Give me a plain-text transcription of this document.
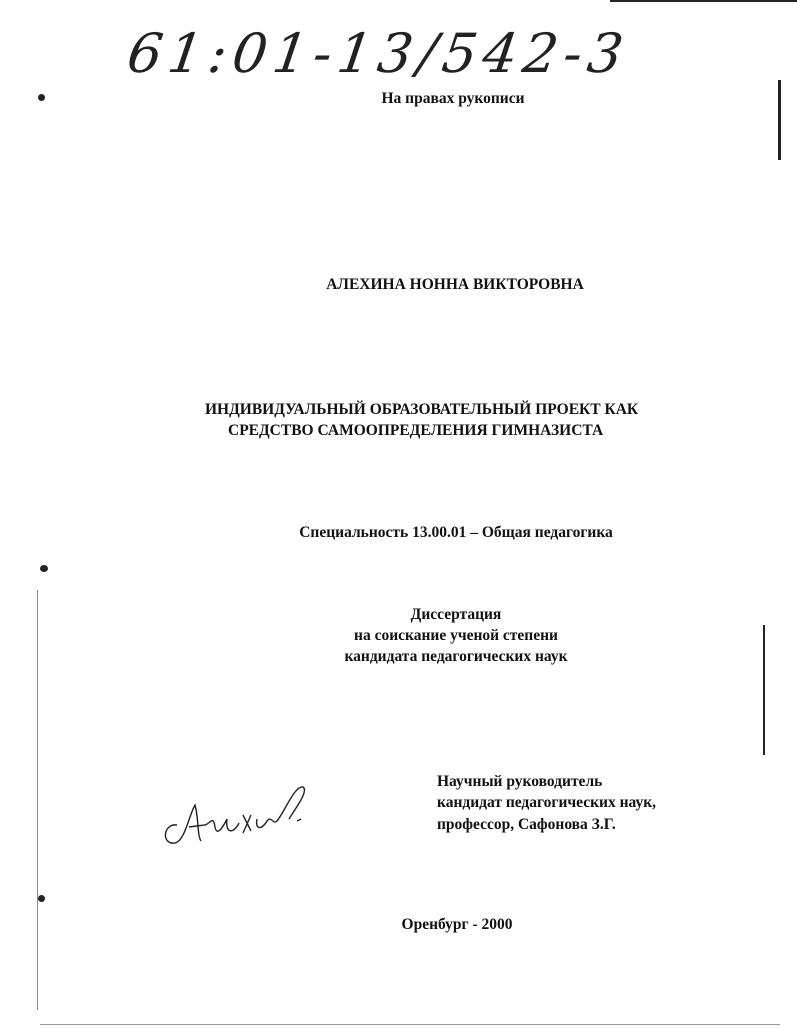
61:01-13/542-3
На правах рукописи
АЛЕХИНА НОННА ВИКТОРОВНА
ИНДИВИДУАЛЬНЫЙ ОБРАЗОВАТЕЛЬНЫЙ ПРОЕКТ КАК
СРЕДСТВО САМООПРЕДЕЛЕНИЯ ГИМНАЗИСТА
Специальность 13.00.01 – Общая педагогика
Диссертация
на соискание ученой степени
кандидата педагогических наук
Научный руководитель
кандидат педагогических наук,
профессор, Сафонова З.Г.
Оренбург - 2000
